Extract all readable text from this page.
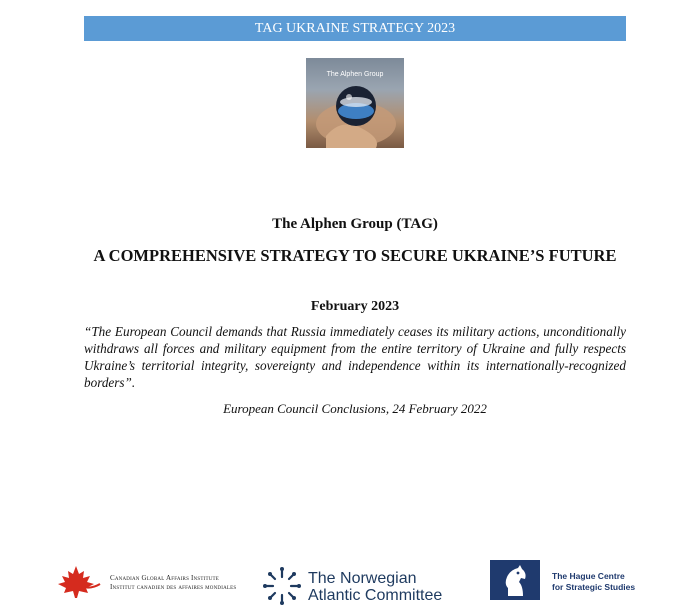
TAG UKRAINE STRATEGY 2023
The Alphen Group
The Alphen Group (TAG)
A COMPREHENSIVE STRATEGY TO SECURE UKRAINE’S FUTURE
February 2023
“The European Council demands that Russia immediately ceases its military actions, unconditionally withdraws all forces and military equipment from the entire territory of Ukraine and fully respects Ukraine’s territorial integrity, sovereignty and independence within its internationally-recognized borders”.
European Council Conclusions, 24 February 2022
Canadian Global Affairs Institute
Institut canadien des affaires mondiales	The Norwegian
Atlantic Committee
The Hague Centre
for Strategic Studies
